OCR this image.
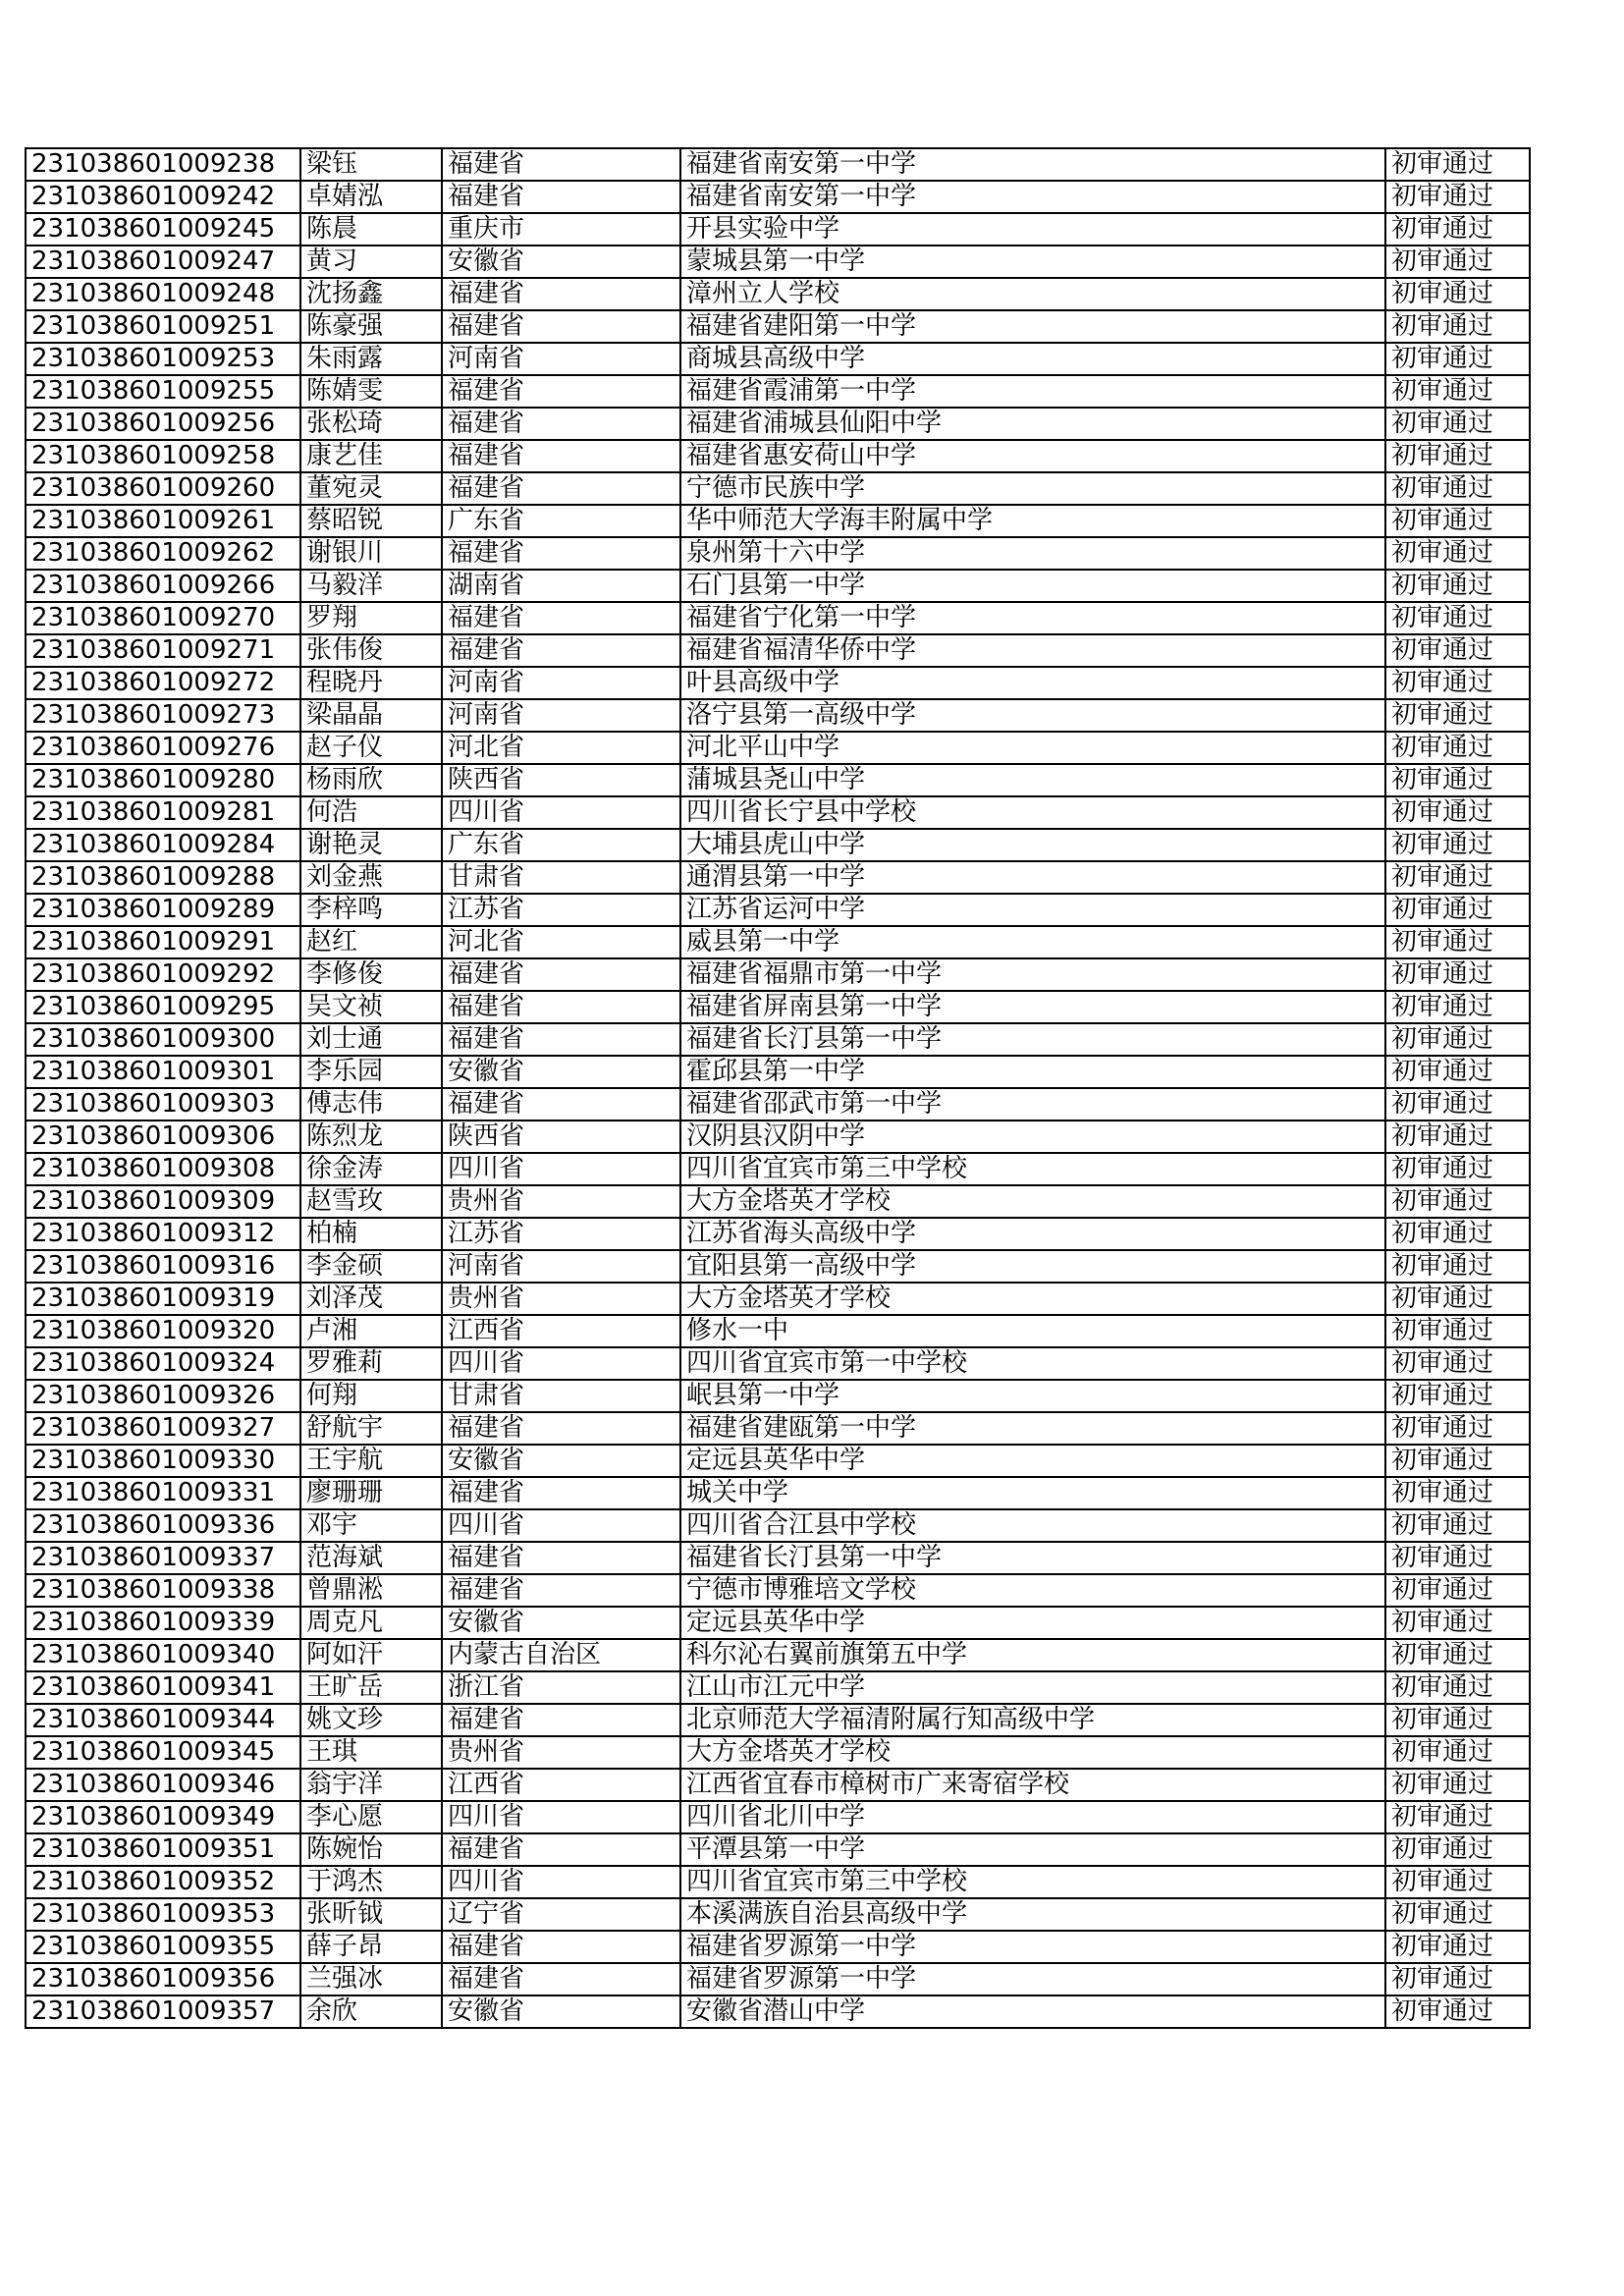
231038601009238	梁钰	福建省	福建省南安第一中学	初审通过
231038601009242	卓婧泓	福建省	福建省南安第一中学	初审通过
231038601009245	陈晨	重庆市	开县实验中学	初审通过
231038601009247	黄习	安徽省	蒙城县第一中学	初审通过
231038601009248	沈扬鑫	福建省	漳州立人学校	初审通过
231038601009251	陈豪强	福建省	福建省建阳第一中学	初审通过
231038601009253	朱雨露	河南省	商城县高级中学	初审通过
231038601009255	陈婧雯	福建省	福建省霞浦第一中学	初审通过
231038601009256	张松琦	福建省	福建省浦城县仙阳中学	初审通过
231038601009258	康艺佳	福建省	福建省惠安荷山中学	初审通过
231038601009260	董宛灵	福建省	宁德市民族中学	初审通过
231038601009261	蔡昭锐	广东省	华中师范大学海丰附属中学	初审通过
231038601009262	谢银川	福建省	泉州第十六中学	初审通过
231038601009266	马毅洋	湖南省	石门县第一中学	初审通过
231038601009270	罗翔	福建省	福建省宁化第一中学	初审通过
231038601009271	张伟俊	福建省	福建省福清华侨中学	初审通过
231038601009272	程晓丹	河南省	叶县高级中学	初审通过
231038601009273	梁晶晶	河南省	洛宁县第一高级中学	初审通过
231038601009276	赵子仪	河北省	河北平山中学	初审通过
231038601009280	杨雨欣	陕西省	蒲城县尧山中学	初审通过
231038601009281	何浩	四川省	四川省长宁县中学校	初审通过
231038601009284	谢艳灵	广东省	大埔县虎山中学	初审通过
231038601009288	刘金燕	甘肃省	通渭县第一中学	初审通过
231038601009289	李梓鸣	江苏省	江苏省运河中学	初审通过
231038601009291	赵红	河北省	威县第一中学	初审通过
231038601009292	李修俊	福建省	福建省福鼎市第一中学	初审通过
231038601009295	吴文祯	福建省	福建省屏南县第一中学	初审通过
231038601009300	刘士通	福建省	福建省长汀县第一中学	初审通过
231038601009301	李乐园	安徽省	霍邱县第一中学	初审通过
231038601009303	傅志伟	福建省	福建省邵武市第一中学	初审通过
231038601009306	陈烈龙	陕西省	汉阴县汉阴中学	初审通过
231038601009308	徐金涛	四川省	四川省宜宾市第三中学校	初审通过
231038601009309	赵雪玫	贵州省	大方金塔英才学校	初审通过
231038601009312	柏楠	江苏省	江苏省海头高级中学	初审通过
231038601009316	李金硕	河南省	宜阳县第一高级中学	初审通过
231038601009319	刘泽茂	贵州省	大方金塔英才学校	初审通过
231038601009320	卢湘	江西省	修水一中	初审通过
231038601009324	罗雅莉	四川省	四川省宜宾市第一中学校	初审通过
231038601009326	何翔	甘肃省	岷县第一中学	初审通过
231038601009327	舒航宇	福建省	福建省建瓯第一中学	初审通过
231038601009330	王宇航	安徽省	定远县英华中学	初审通过
231038601009331	廖珊珊	福建省	城关中学	初审通过
231038601009336	邓宇	四川省	四川省合江县中学校	初审通过
231038601009337	范海斌	福建省	福建省长汀县第一中学	初审通过
231038601009338	曾鼎淞	福建省	宁德市博雅培文学校	初审通过
231038601009339	周克凡	安徽省	定远县英华中学	初审通过
231038601009340	阿如汗	内蒙古自治区	科尔沁右翼前旗第五中学	初审通过
231038601009341	王旷岳	浙江省	江山市江元中学	初审通过
231038601009344	姚文珍	福建省	北京师范大学福清附属行知高级中学	初审通过
231038601009345	王琪	贵州省	大方金塔英才学校	初审通过
231038601009346	翁宇洋	江西省	江西省宜春市樟树市广来寄宿学校	初审通过
231038601009349	李心愿	四川省	四川省北川中学	初审通过
231038601009351	陈婉怡	福建省	平潭县第一中学	初审通过
231038601009352	于鸿杰	四川省	四川省宜宾市第三中学校	初审通过
231038601009353	张昕钺	辽宁省	本溪满族自治县高级中学	初审通过
231038601009355	薛子昂	福建省	福建省罗源第一中学	初审通过
231038601009356	兰强冰	福建省	福建省罗源第一中学	初审通过
231038601009357	余欣	安徽省	安徽省潜山中学	初审通过
